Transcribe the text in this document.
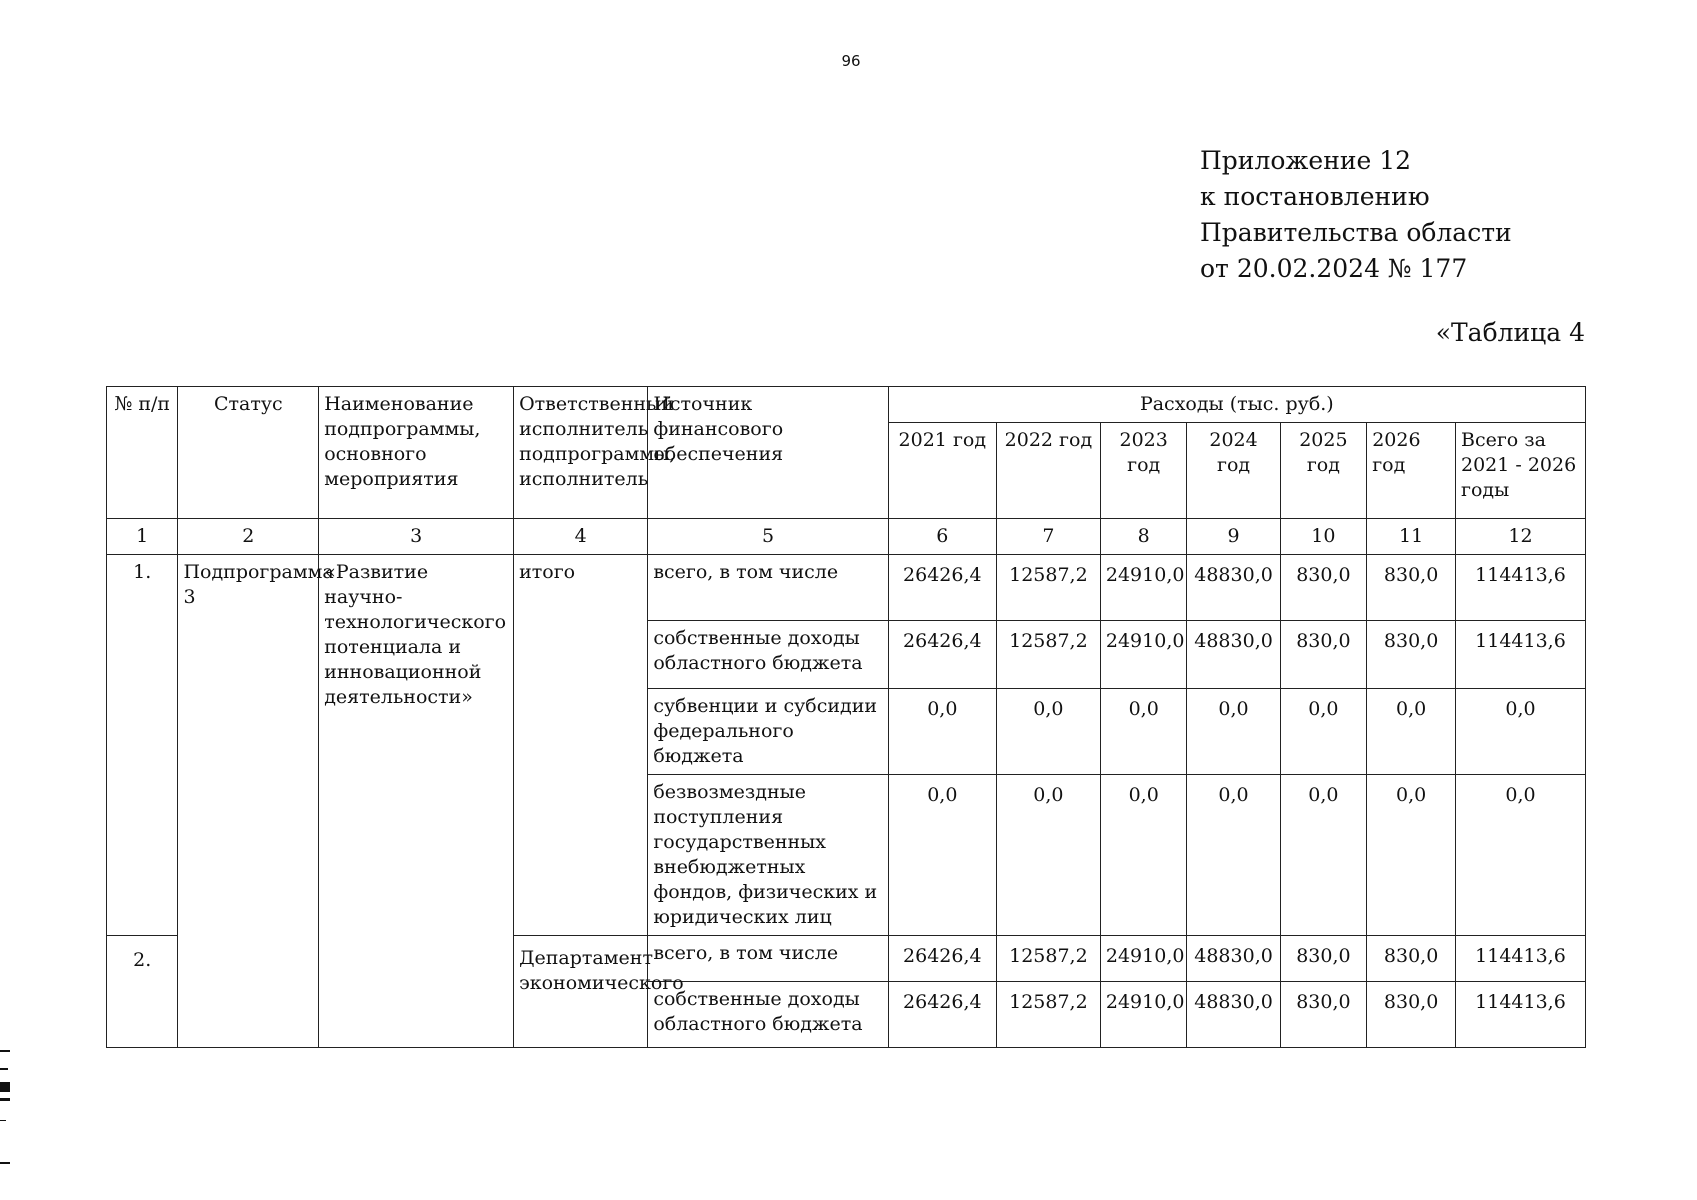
96
Приложение 12
к постановлению
Правительства области
от 20.02.2024 № 177
«Таблица 4
№ п/п	Статус	Наименование подпрограммы, основного мероприятия	Ответственный исполнитель подпрограммы, исполнитель	Источник финансового обеспечения	Расходы (тыс. руб.)						
					2021 год	2022 год	2023 год	2024 год	2025 год	2026 год	Всего за 2021 - 2026 годы
1	2	3	4	5	6	7	8	9	10	11	12
1.	Подпрограмма 3	«Развитие научно-технологического потенциала и инновационной деятельности»	итого	всего, в том числе	26426,4	12587,2	24910,0	48830,0	830,0	830,0	114413,6
				собственные доходы областного бюджета	26426,4	12587,2	24910,0	48830,0	830,0	830,0	114413,6
				субвенции и субсидии федерального бюджета	0,0	0,0	0,0	0,0	0,0	0,0	0,0
				безвозмездные поступления государственных внебюджетных фондов, физических и юридических лиц	0,0	0,0	0,0	0,0	0,0	0,0	0,0
2.			Департамент экономического	всего, в том числе	26426,4	12587,2	24910,0	48830,0	830,0	830,0	114413,6
				собственные доходы областного бюджета	26426,4	12587,2	24910,0	48830,0	830,0	830,0	114413,6
